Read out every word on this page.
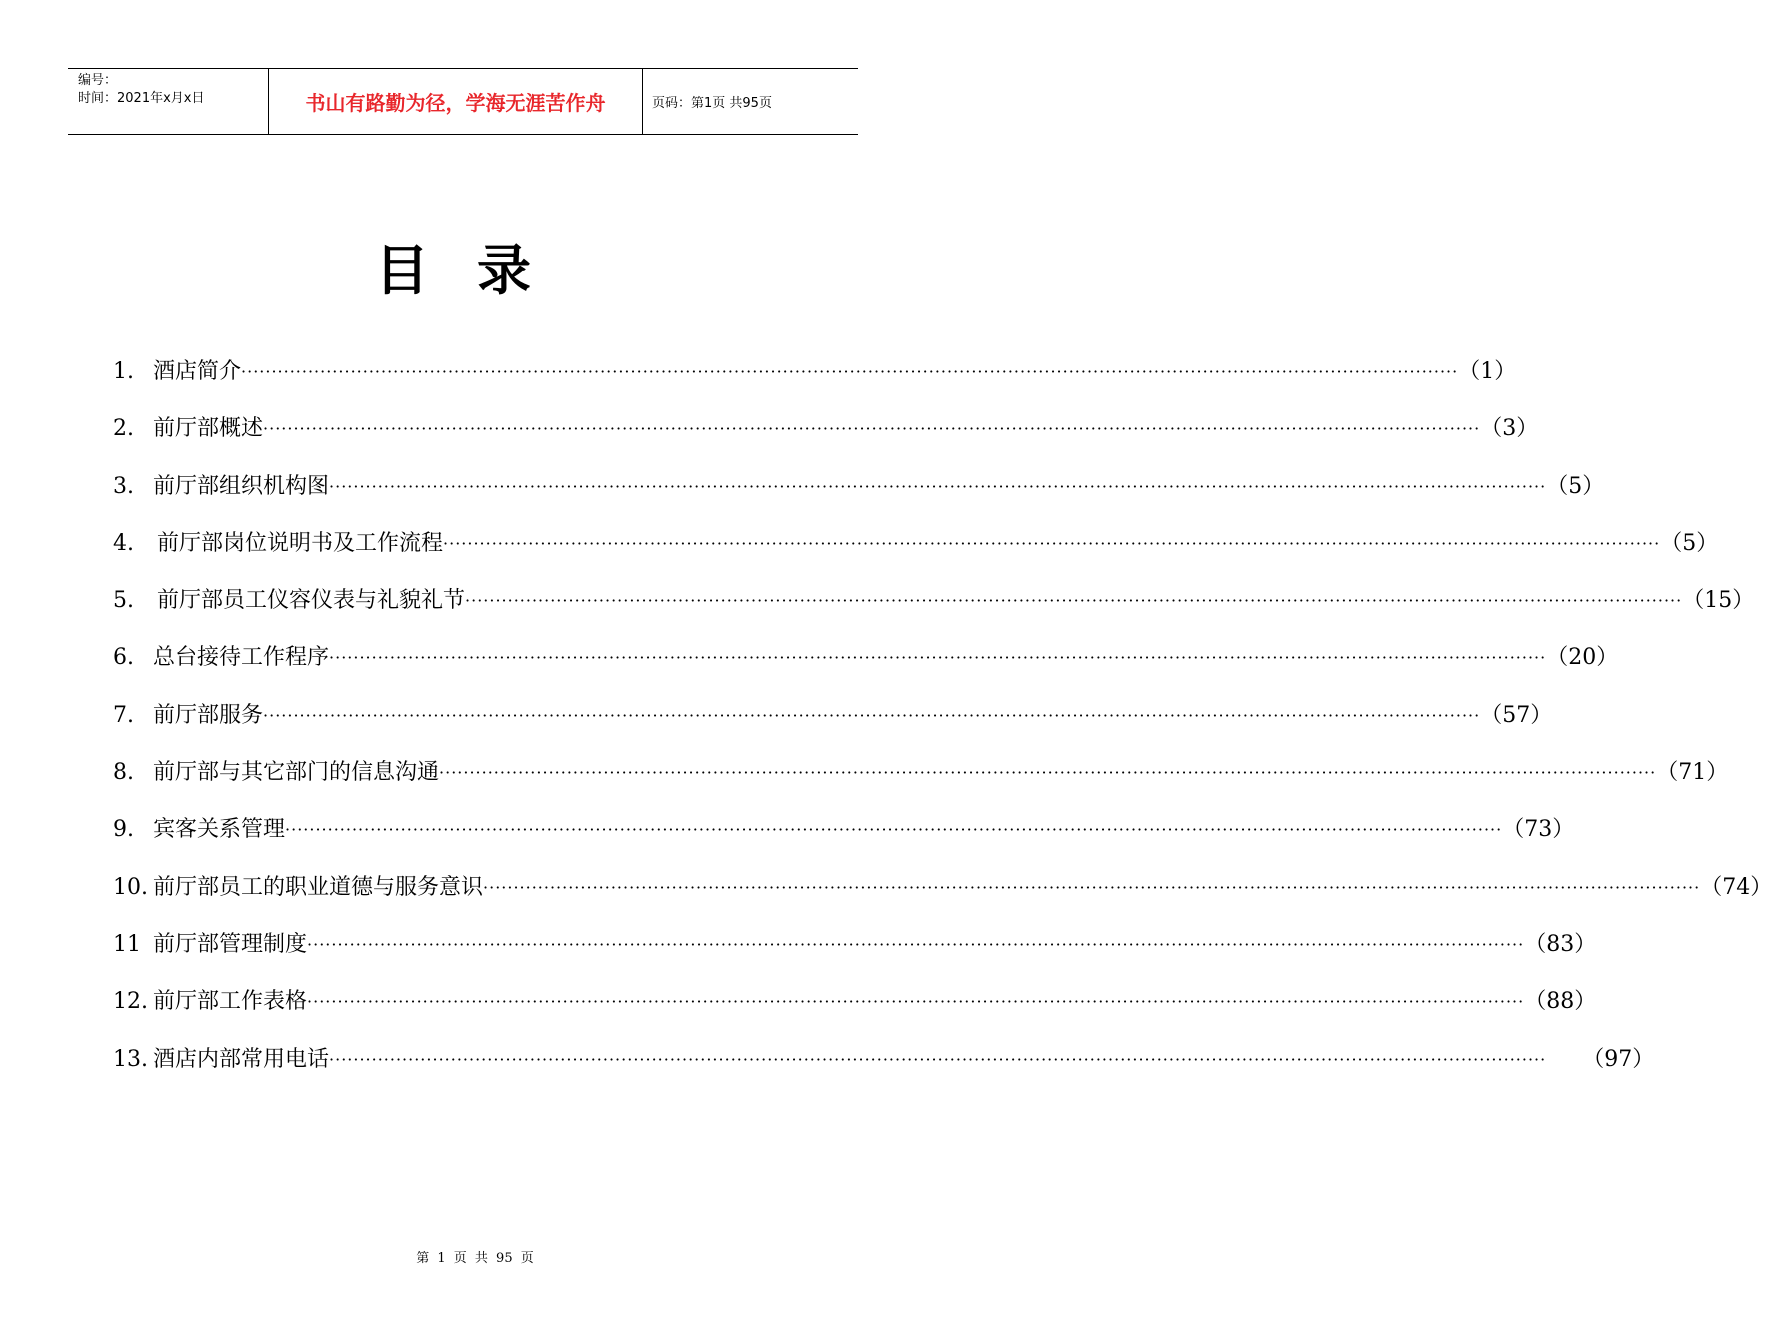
编号：
时间：2021年x月x日	书山有路勤为径，学海无涯苦作舟	页码：第1页 共95页
目录
1. 酒店简介 ········································································································································································································ （1）
2. 前厅部概述 ········································································································································································································ （3）
3. 前厅部组织机构图 ········································································································································································································ （5）
4.	前厅部岗位说明书及工作流程 ········································································································································································································ （5）
5.	前厅部员工仪容仪表与礼貌礼节 ········································································································································································································ （15）
6. 总台接待工作程序 ········································································································································································································ （20）
7. 前厅部服务 ········································································································································································································ （57）
8. 前厅部与其它部门的信息沟通 ········································································································································································································ （71）
9. 宾客关系管理 ········································································································································································································ （73）
10. 前厅部员工的职业道德与服务意识 ········································································································································································································ （74）
11 前厅部管理制度 ········································································································································································································ （83）
12. 前厅部工作表格 ········································································································································································································ （88）
13. 酒店内部常用电话 ········································································································································································································ （97）
第 1 页 共 95 页
